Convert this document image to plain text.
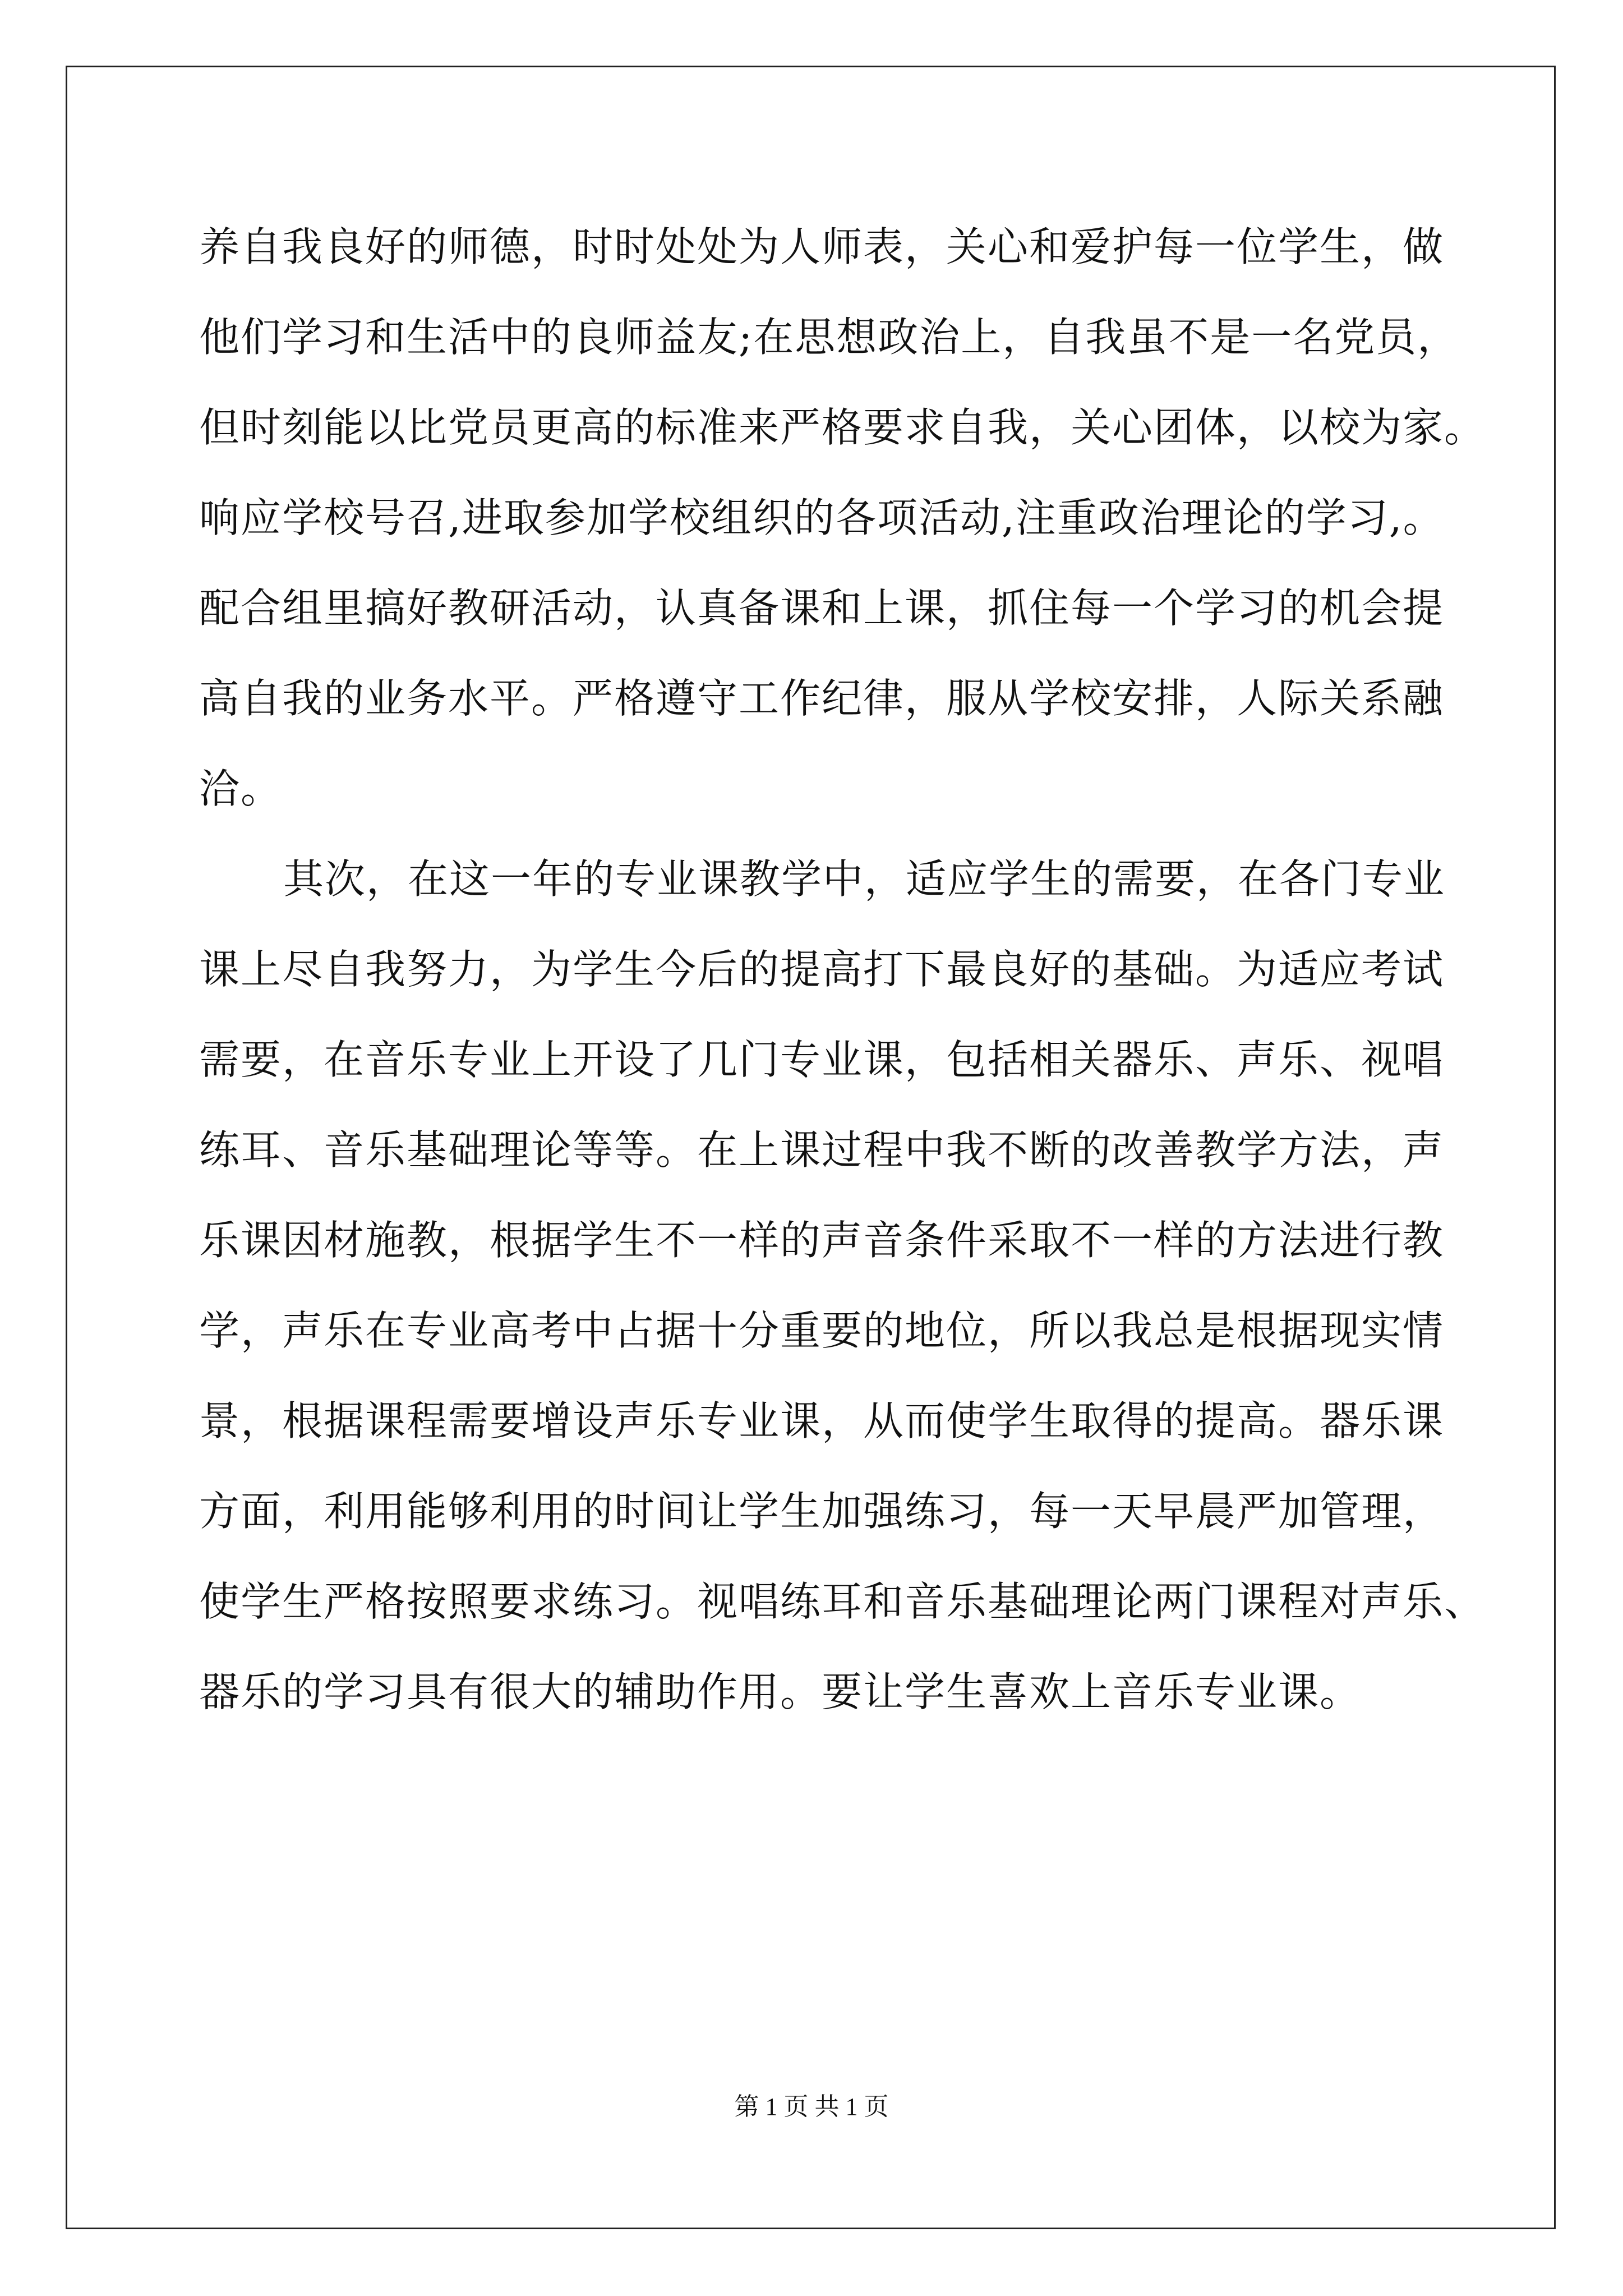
养自我良好的师德，时时处处为人师表，关心和爱护每一位学生，做
他们学习和生活中的良师益友;在思想政治上，自我虽不是一名党员，
但时刻能以比党员更高的标准来严格要求自我，关心团体，以校为家。
响应学校号召,进取参加学校组织的各项活动,注重政治理论的学习,。
配合组里搞好教研活动，认真备课和上课，抓住每一个学习的机会提
高自我的业务水平。严格遵守工作纪律，服从学校安排，人际关系融
洽。
其次，在这一年的专业课教学中，适应学生的需要，在各门专业
课上尽自我努力，为学生今后的提高打下最良好的基础。为适应考试
需要，在音乐专业上开设了几门专业课，包括相关器乐、声乐、视唱
练耳、音乐基础理论等等。在上课过程中我不断的改善教学方法，声
乐课因材施教，根据学生不一样的声音条件采取不一样的方法进行教
学，声乐在专业高考中占据十分重要的地位，所以我总是根据现实情
景，根据课程需要增设声乐专业课，从而使学生取得的提高。器乐课
方面，利用能够利用的时间让学生加强练习，每一天早晨严加管理，
使学生严格按照要求练习。视唱练耳和音乐基础理论两门课程对声乐、
器乐的学习具有很大的辅助作用。要让学生喜欢上音乐专业课。
第 1 页 共 1 页
